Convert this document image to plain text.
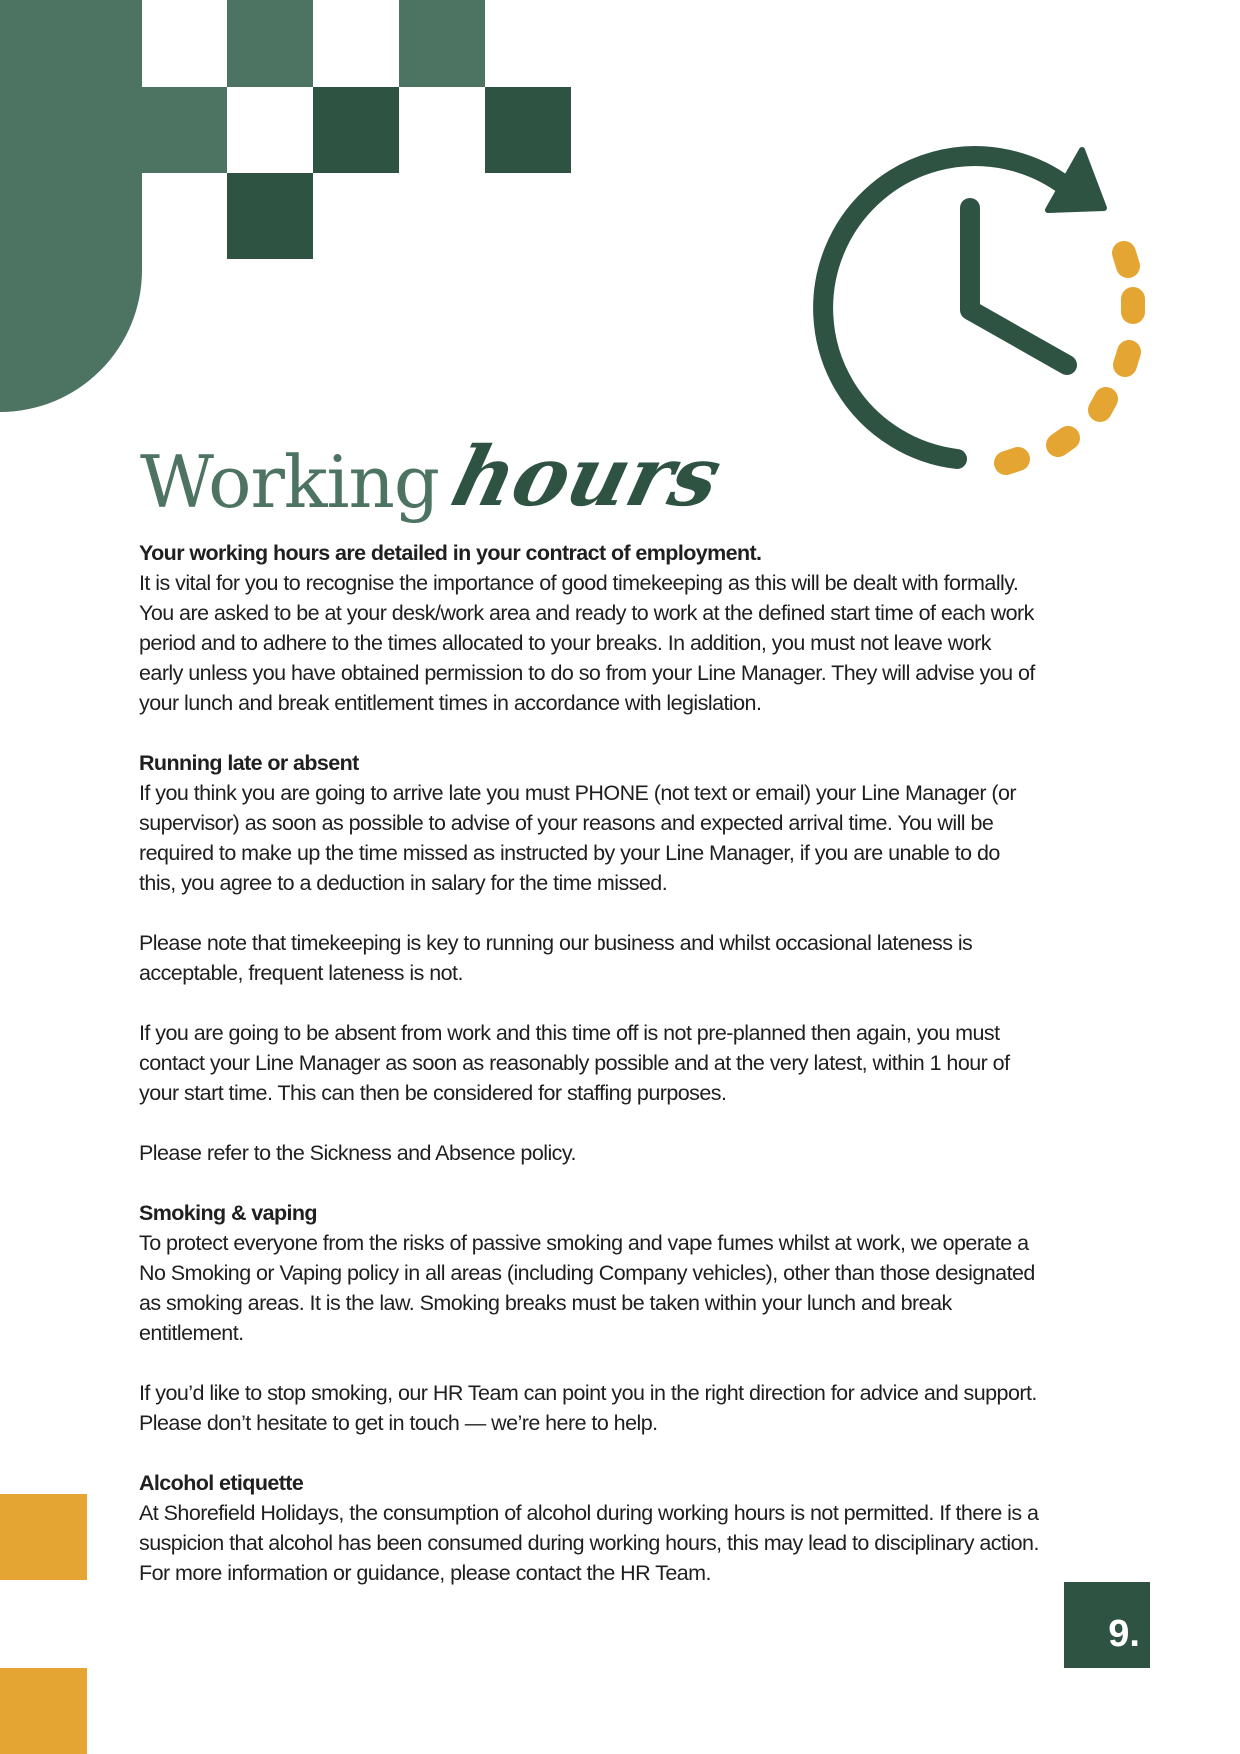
Working hours
Your working hours are detailed in your contract of employment.

It is vital for you to recognise the importance of good timekeeping as this will be dealt with formally. You are asked to be at your desk/work area and ready to work at the defined start time of each work period and to adhere to the times allocated to your breaks. In addition, you must not leave work early unless you have obtained permission to do so from your Line Manager. They will advise you of your lunch and break entitlement times in accordance with legislation.

Running late or absent

If you think you are going to arrive late you must PHONE (not text or email) your Line Manager (or supervisor) as soon as possible to advise of your reasons and expected arrival time. You will be required to make up the time missed as instructed by your Line Manager, if you are unable to do this, you agree to a deduction in salary for the time missed.

Please note that timekeeping is key to running our business and whilst occasional lateness is acceptable, frequent lateness is not.

If you are going to be absent from work and this time off is not pre-planned then again, you must contact your Line Manager as soon as reasonably possible and at the very latest, within 1 hour of your start time. This can then be considered for staffing purposes.

Please refer to the Sickness and Absence policy.

Smoking & vaping

To protect everyone from the risks of passive smoking and vape fumes whilst at work, we operate a No Smoking or Vaping policy in all areas (including Company vehicles), other than those designated as smoking areas. It is the law. Smoking breaks must be taken within your lunch and break entitlement.

If you’d like to stop smoking, our HR Team can point you in the right direction for advice and support. Please don’t hesitate to get in touch — we’re here to help.

Alcohol etiquette

At Shorefield Holidays, the consumption of alcohol during working hours is not permitted. If there is a suspicion that alcohol has been consumed during working hours, this may lead to disciplinary action. For more information or guidance, please contact the HR Team.

9.
